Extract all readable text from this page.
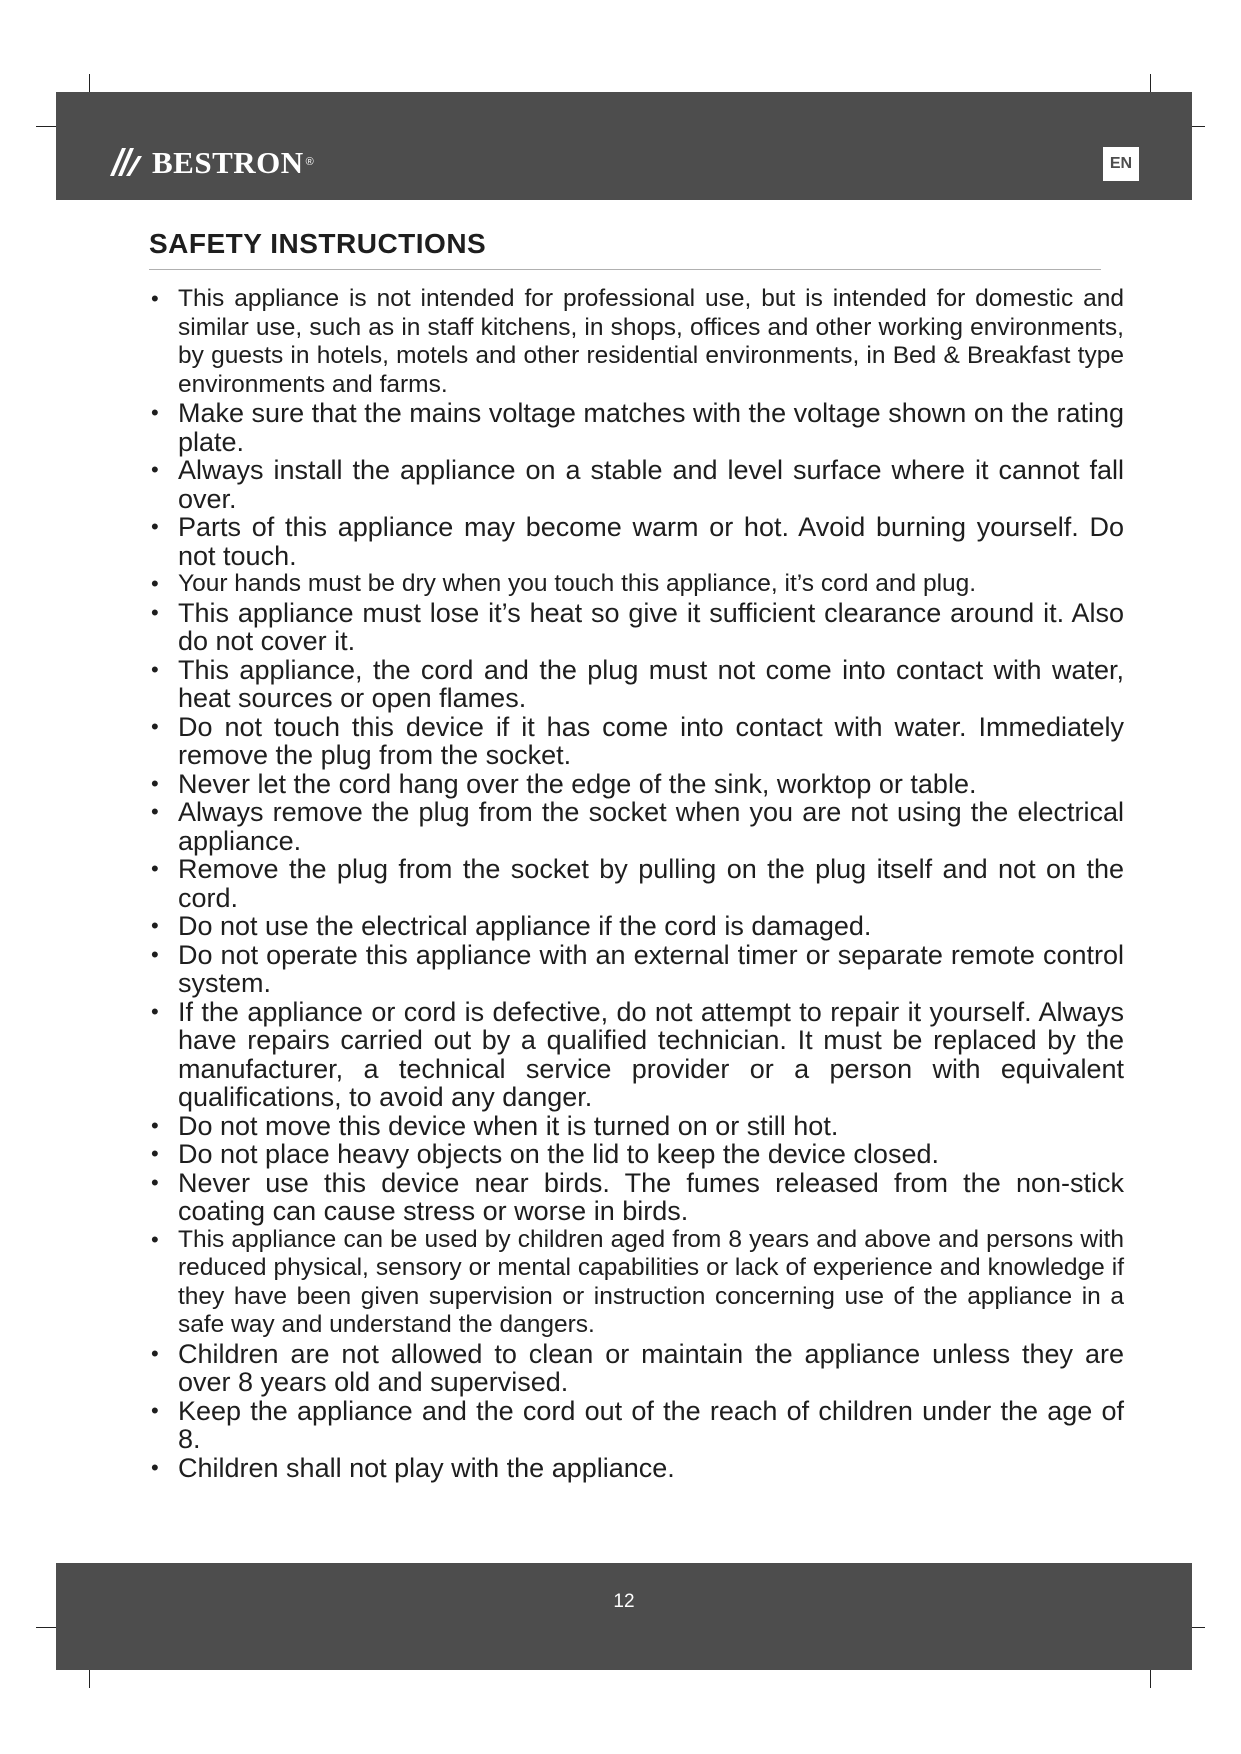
BESTRON ®	EN
SAFETY INSTRUCTIONS
• This appliance is not intended for professional use, but is intended for domestic and similar use, such as in staff kitchens, in shops, offices and other working environments, by guests in hotels, motels and other residential environments, in Bed & Breakfast type environments and farms.
• Make sure that the mains voltage matches with the voltage shown on the rating plate.
• Always install the appliance on a stable and level surface where it cannot fall over.
• Parts of this appliance may become warm or hot. Avoid burning yourself. Do not touch.
• Your hands must be dry when you touch this appliance, it’s cord and plug.
• This appliance must lose it’s heat so give it sufficient clearance around it. Also do not cover it.
• This appliance, the cord and the plug must not come into contact with water, heat sources or open flames.
• Do not touch this device if it has come into contact with water. Immediately remove the plug from the socket.
• Never let the cord hang over the edge of the sink, worktop or table.
• Always remove the plug from the socket when you are not using the electrical appliance.
• Remove the plug from the socket by pulling on the plug itself and not on the cord.
• Do not use the electrical appliance if the cord is damaged.
• Do not operate this appliance with an external timer or separate remote control system.
• If the appliance or cord is defective, do not attempt to repair it yourself. Always have repairs carried out by a qualified technician. It must be replaced by the manufacturer, a technical service provider or a person with equivalent qualifications, to avoid any danger.
• Do not move this device when it is turned on or still hot.
• Do not place heavy objects on the lid to keep the device closed.
• Never use this device near birds. The fumes released from the non-stick coating can cause stress or worse in birds.
• This appliance can be used by children aged from 8 years and above and persons with reduced physical, sensory or mental capabilities or lack of experience and knowledge if they have been given supervision or instruction concerning use of the appliance in a safe way and understand the dangers.
• Children are not allowed to clean or maintain the appliance unless they are over 8 years old and supervised.
• Keep the appliance and the cord out of the reach of children under the age of 8.
• Children shall not play with the appliance.
12
